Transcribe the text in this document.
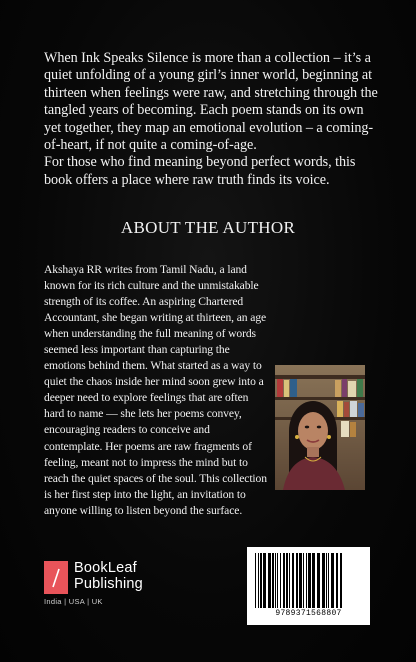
When Ink Speaks Silence is more than a collection – it’s a quiet unfolding of a young girl’s inner world, beginning at thirteen when feelings were raw, and stretching through the tangled years of becoming. Each poem stands on its own yet together, they map an emotional evolution – a coming-of-heart, if not quite a coming-of-age.

For those who find meaning beyond perfect words, this book offers a place where raw truth finds its voice.

ABOUT THE AUTHOR
Akshaya RR writes from Tamil Nadu, a land known for its rich culture and the unmistakable strength of its coffee. An aspiring Chartered Accountant, she began writing at thirteen, an age when understanding the full meaning of words seemed less important than capturing the emotions behind them. What started as a way to quiet the chaos inside her mind soon grew into a deeper need to explore feelings that are often hard to name — she lets her poems convey, encouraging readers to conceive and contemplate. Her poems are raw fragments of feeling, meant not to impress the mind but to reach the quiet spaces of the soul. This collection is her first step into the light, an invitation to anyone willing to listen beyond the surface.
BookLeaf
Publishing
India | USA | UK
9789371568807
